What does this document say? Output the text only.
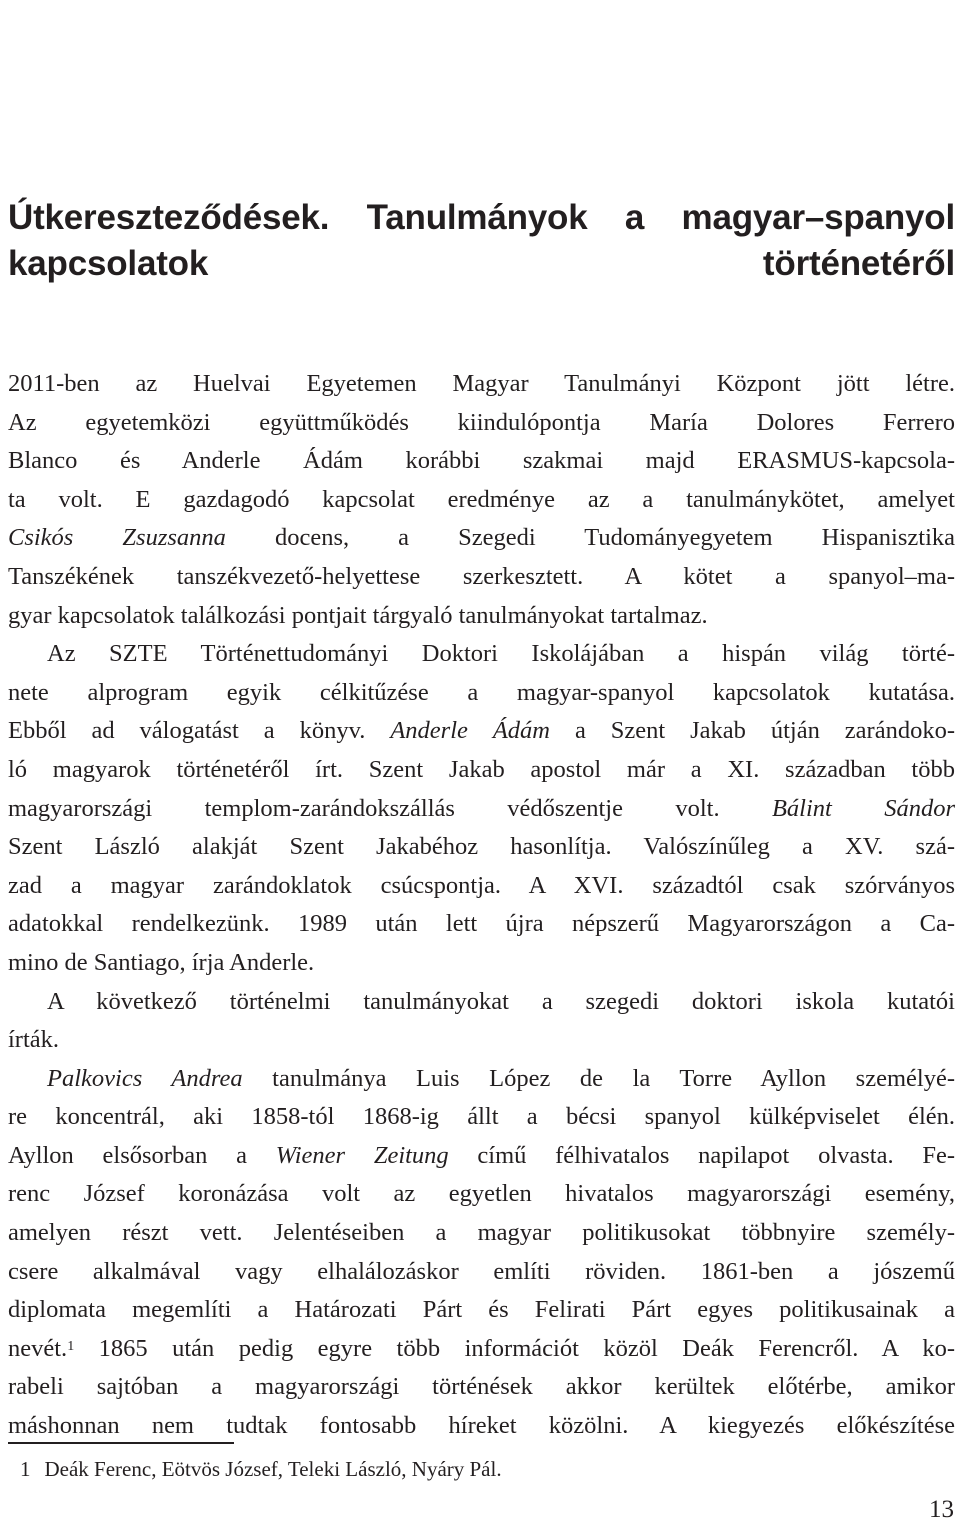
Útkereszteződések. Tanulmányok a magyar–spanyol
kapcsolatok történetéről
2011-ben az Huelvai Egyetemen Magyar Tanulmányi Központ jött létre.
Az egyetemközi együttműködés kiindulópontja María Dolores Ferrero
Blanco és Anderle Ádám korábbi szakmai majd ERASMUS-kapcsola-
ta volt. E gazdagodó kapcsolat eredménye az a tanulmánykötet, amelyet
Csikós Zsuzsanna docens, a Szegedi Tudományegyetem Hispanisztika
Tanszékének tanszékvezető-helyettese szerkesztett. A kötet a spanyol–ma-
gyar kapcsolatok találkozási pontjait tárgyaló tanulmányokat tartalmaz.
Az SZTE Történettudományi Doktori Iskolájában a hispán világ törté-
nete alprogram egyik célkitűzése a magyar-spanyol kapcsolatok kutatása.
Ebből ad válogatást a könyv. Anderle Ádám a Szent Jakab útján zarándoko-
ló magyarok történetéről írt. Szent Jakab apostol már a XI. században több
magyarországi templom-zarándokszállás védőszentje volt. Bálint Sándor
Szent László alakját Szent Jakabéhoz hasonlítja. Valószínűleg a XV. szá-
zad a magyar zarándoklatok csúcspontja. A XVI. századtól csak szórványos
adatokkal rendelkezünk. 1989 után lett újra népszerű Magyarországon a Ca-
mino de Santiago, írja Anderle.
A következő történelmi tanulmányokat a szegedi doktori iskola kutatói
írták.
Palkovics Andrea tanulmánya Luis López de la Torre Ayllon személyé-
re koncentrál, aki 1858-tól 1868-ig állt a bécsi spanyol külképviselet élén.
Ayllon elsősorban a Wiener Zeitung című félhivatalos napilapot olvasta. Fe-
renc József koronázása volt az egyetlen hivatalos magyarországi esemény,
amelyen részt vett. Jelentéseiben a magyar politikusokat többnyire személy-
csere alkalmával vagy elhalálozáskor említi röviden. 1861-ben a jószemű
diplomata megemlíti a Határozati Párt és Felirati Párt egyes politikusainak a
nevét.$^1$ 1865 után pedig egyre több információt közöl Deák Ferencről. A ko-
rabeli sajtóban a magyarországi történések akkor kerültek előtérbe, amikor
máshonnan nem tudtak fontosabb híreket közölni. A kiegyezés előkészítése
1 Deák Ferenc, Eötvös József, Teleki László, Nyáry Pál.
13
